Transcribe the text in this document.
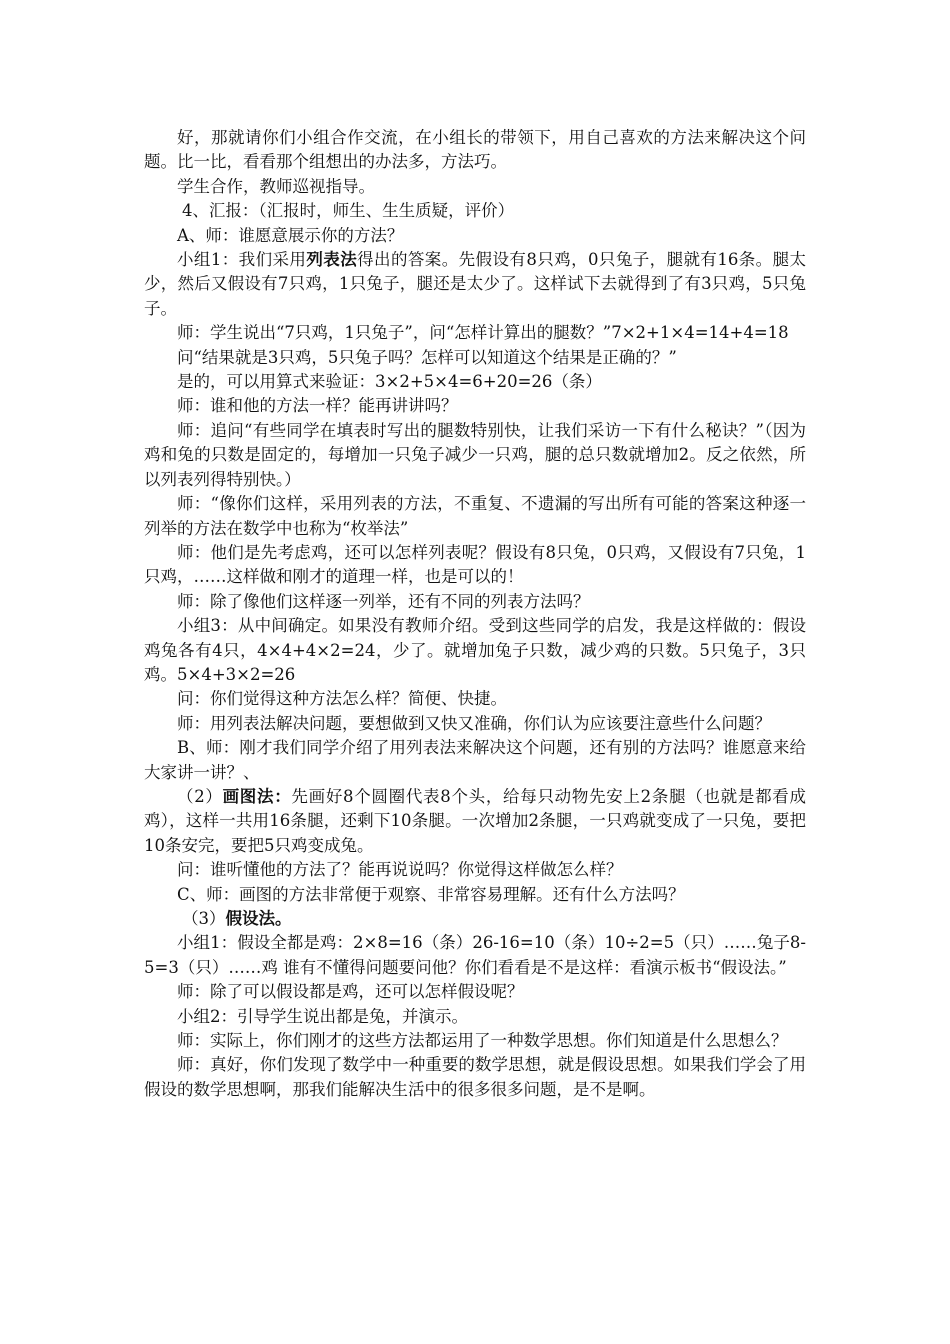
好，那就请你们小组合作交流，在小组长的带领下，用自己喜欢的方法来解决这个问题。比一比，看看那个组想出的办法多，方法巧。

学生合作，教师巡视指导。

4、汇报：（汇报时，师生、生生质疑，评价）

A、师：谁愿意展示你的方法？

小组1：我们采用列表法得出的答案。先假设有8只鸡，0只兔子，腿就有16条。腿太少，然后又假设有7只鸡，1只兔子，腿还是太少了。这样试下去就得到了有3只鸡，5只兔子。

师：学生说出“7只鸡，1只兔子”，问“怎样计算出的腿数？”7×2+1×4=14+4=18

问“结果就是3只鸡，5只兔子吗？怎样可以知道这个结果是正确的？”

是的，可以用算式来验证：3×2+5×4=6+20=26（条）

师：谁和他的方法一样？能再讲讲吗？

师：追问“有些同学在填表时写出的腿数特别快，让我们采访一下有什么秘诀？”（因为鸡和兔的只数是固定的，每增加一只兔子减少一只鸡，腿的总只数就增加2。反之依然，所以列表列得特别快。）

师：“像你们这样，采用列表的方法，不重复、不遗漏的写出所有可能的答案这种逐一列举的方法在数学中也称为“枚举法”

师：他们是先考虑鸡，还可以怎样列表呢？假设有8只兔，0只鸡，又假设有7只兔，1只鸡，……这样做和刚才的道理一样，也是可以的！

师：除了像他们这样逐一列举，还有不同的列表方法吗？

小组3：从中间确定。如果没有教师介绍。受到这些同学的启发，我是这样做的：假设鸡兔各有4只，4×4+4×2=24，少了。就增加兔子只数，减少鸡的只数。5只兔子，3只鸡。5×4+3×2=26

问：你们觉得这种方法怎么样？简便、快捷。

师：用列表法解决问题，要想做到又快又准确，你们认为应该要注意些什么问题？

B、师：刚才我们同学介绍了用列表法来解决这个问题，还有别的方法吗？谁愿意来给大家讲一讲？、

（2）画图法：先画好8个圆圈代表8个头，给每只动物先安上2条腿（也就是都看成鸡），这样一共用16条腿，还剩下10条腿。一次增加2条腿，一只鸡就变成了一只兔，要把10条安完，要把5只鸡变成兔。

问：谁听懂他的方法了？能再说说吗？你觉得这样做怎么样？

C、师：画图的方法非常便于观察、非常容易理解。还有什么方法吗？

（3）假设法。

小组1：假设全都是鸡：2×8=16（条）26-16=10（条）10÷2=5（只）……兔子8-5=3（只）……鸡 谁有不懂得问题要问他？你们看看是不是这样：看演示板书“假设法。”

师：除了可以假设都是鸡，还可以怎样假设呢？

小组2：引导学生说出都是兔，并演示。

师：实际上，你们刚才的这些方法都运用了一种数学思想。你们知道是什么思想么？

师：真好，你们发现了数学中一种重要的数学思想，就是假设思想。如果我们学会了用假设的数学思想啊，那我们能解决生活中的很多很多问题，是不是啊。
